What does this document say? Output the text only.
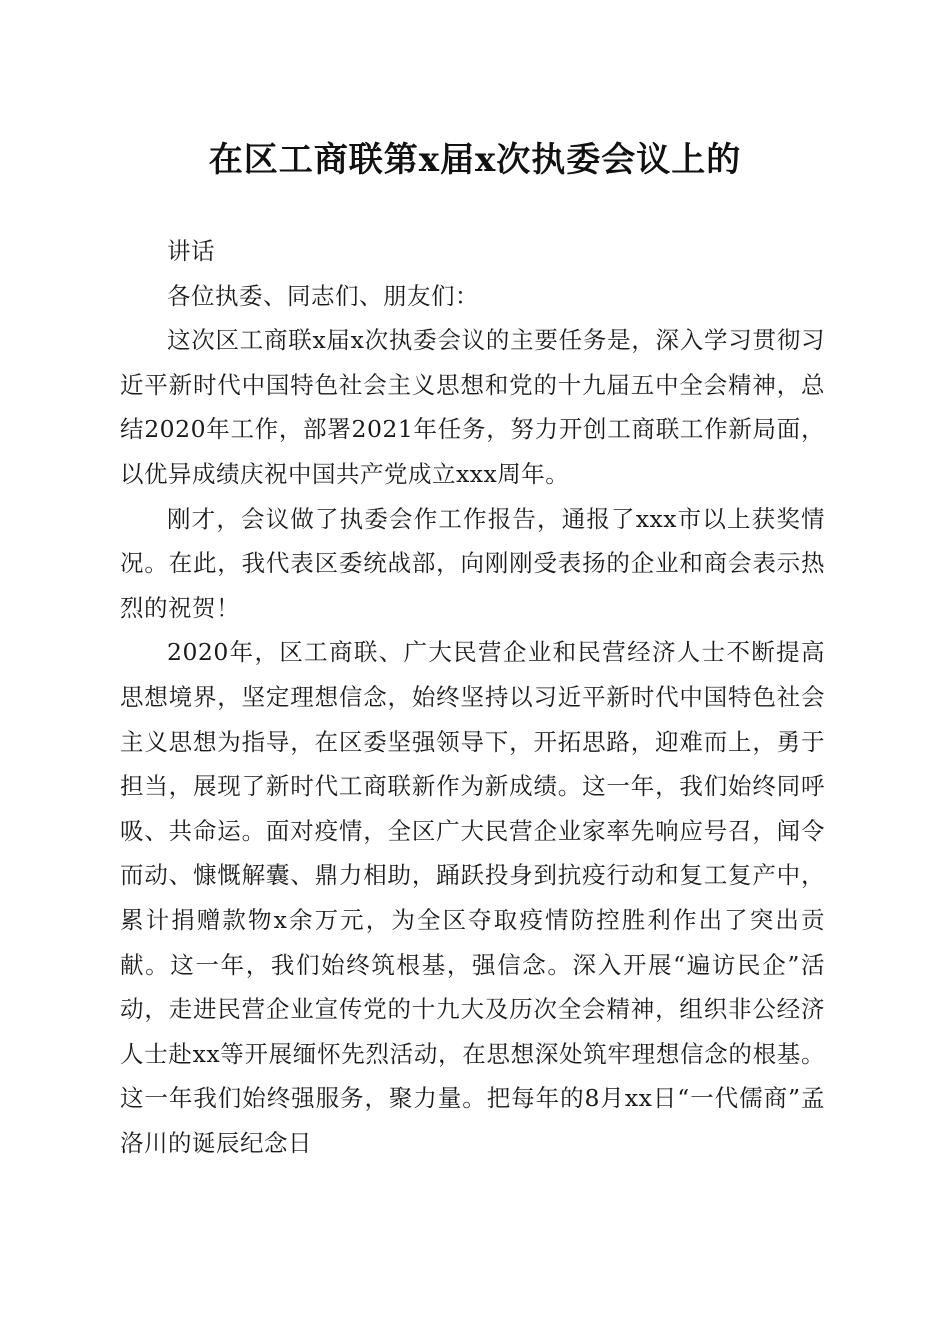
在区工商联第x届x次执委会议上的

讲话

各位执委、同志们、朋友们：

这次区工商联x届x次执委会议的主要任务是，深入学习贯彻习近平新时代中国特色社会主义思想和党的十九届五中全会精神，总结2020年工作，部署2021年任务，努力开创工商联工作新局面，以优异成绩庆祝中国共产党成立xxx周年。

刚才，会议做了执委会作工作报告，通报了xxx市以上获奖情况。在此，我代表区委统战部，向刚刚受表扬的企业和商会表示热烈的祝贺！

2020年，区工商联、广大民营企业和民营经济人士不断提高思想境界，坚定理想信念，始终坚持以习近平新时代中国特色社会主义思想为指导，在区委坚强领导下，开拓思路，迎难而上，勇于担当，展现了新时代工商联新作为新成绩。这一年，我们始终同呼吸、共命运。面对疫情，全区广大民营企业家率先响应号召，闻令而动、慷慨解囊、鼎力相助，踊跃投身到抗疫行动和复工复产中，累计捐赠款物x余万元，为全区夺取疫情防控胜利作出了突出贡献。这一年，我们始终筑根基，强信念。深入开展“遍访民企”活动，走进民营企业宣传党的十九大及历次全会精神，组织非公经济人士赴xx等开展缅怀先烈活动，在思想深处筑牢理想信念的根基。这一年我们始终强服务，聚力量。把每年的8月xx日“一代儒商”孟洛川的诞辰纪念日
